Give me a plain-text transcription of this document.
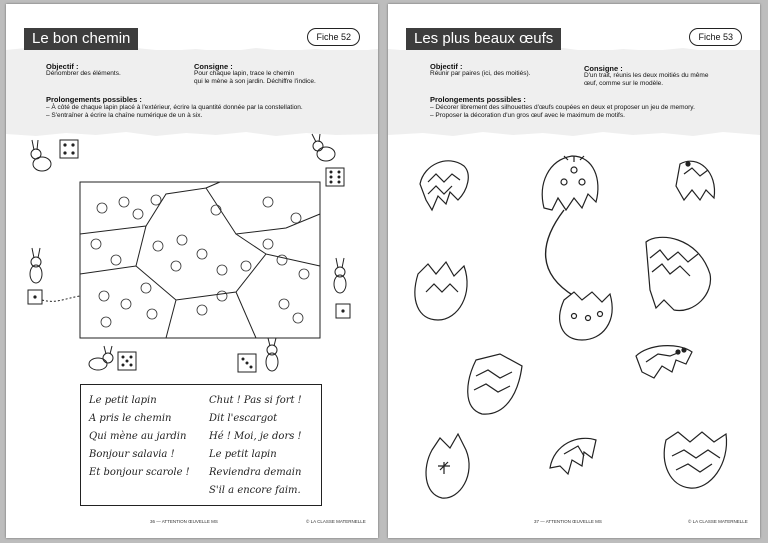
Le bon chemin	Fiche 52
Objectif :
Dénombrer des éléments.
Consigne :
Pour chaque lapin, trace le chemin
qui le mène à son jardin. Déchiffre l'indice.
Prolongements possibles :
– À côté de chaque lapin placé à l'extérieur, écrire la quantité donnée par la constellation.
– S'entraîner à écrire la chaîne numérique de un à six.
Le petit lapin
A pris le chemin
Qui mène au jardin
Bonjour salavia !
Et bonjour scarole !
Chut ! Pas si fort !
Dit l'escargot
Hé ! Moi, je dors !
Le petit lapin
Reviendra demain
S'il a encore faim.
36 — ATTENTION ŒUVELLE MS	© LA CLASSE MATERNELLE
Les plus beaux œufs	Fiche 53
Objectif :
Réunir par paires (ici, des moitiés).
Consigne :
D'un trait, réunis les deux moitiés du même
œuf, comme sur le modèle.
Prolongements possibles :
– Décorer librement des silhouettes d'œufs coupées en deux et proposer un jeu de memory.
– Proposer la décoration d'un gros œuf avec le maximum de motifs.
37 — ATTENTION ŒUVELLE MS	© LA CLASSE MATERNELLE
